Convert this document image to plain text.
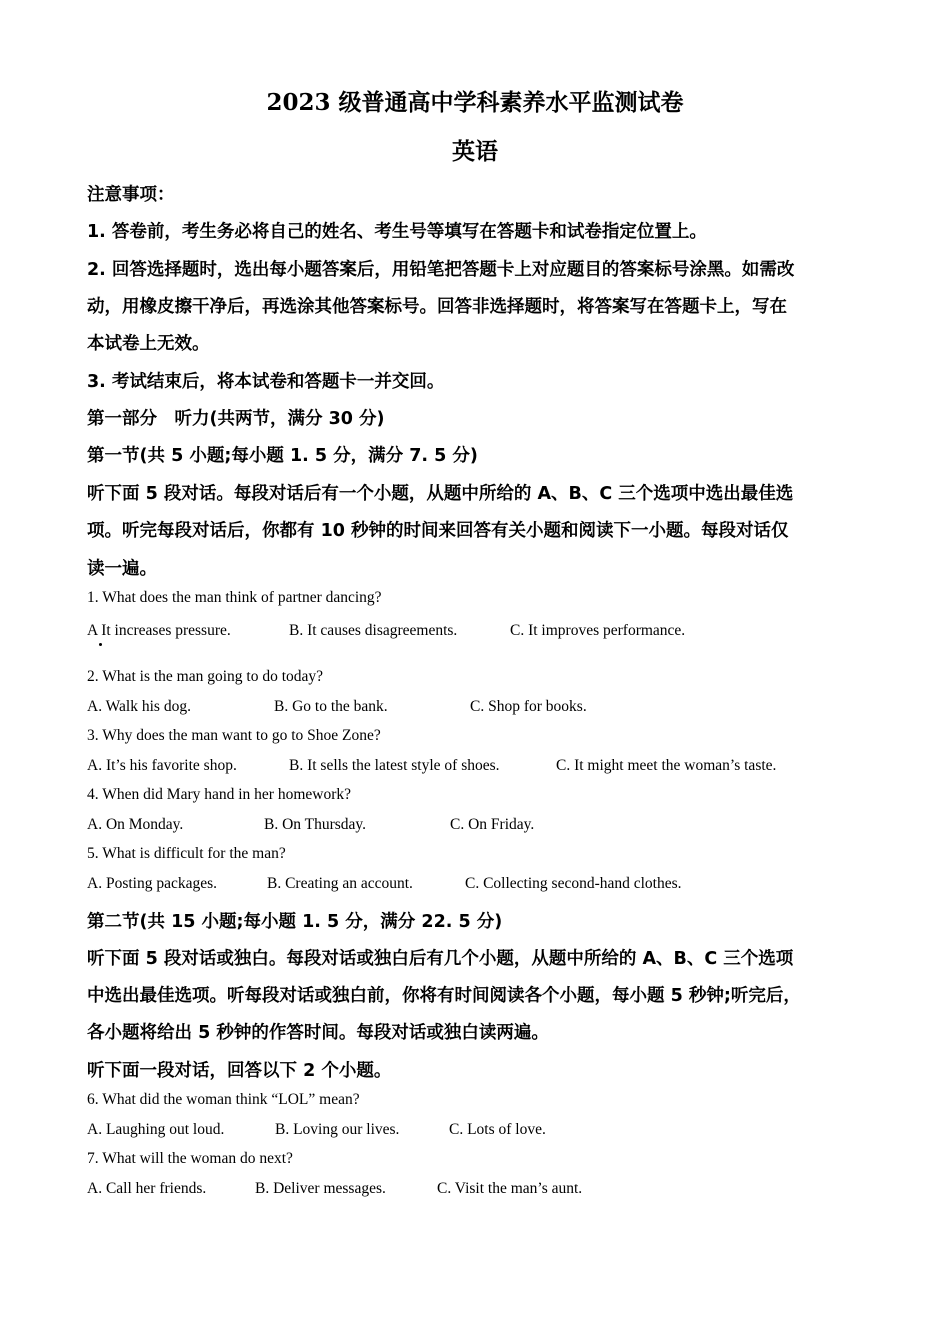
2023 级普通高中学科素养水平监测试卷
英语
注意事项：
1. 答卷前，考生务必将自己的姓名、考生号等填写在答题卡和试卷指定位置上。
2. 回答选择题时，选出每小题答案后，用铅笔把答题卡上对应题目的答案标号涂黑。如需改
动，用橡皮擦干净后，再选涂其他答案标号。回答非选择题时，将答案写在答题卡上，写在
本试卷上无效。
3. 考试结束后，将本试卷和答题卡一并交回。
第一部分　听力(共两节，满分 30 分)
第一节(共 5 小题;每小题 1. 5 分，满分 7. 5 分)
听下面 5 段对话。每段对话后有一个小题，从题中所给的 A、B、C 三个选项中选出最佳选
项。听完每段对话后，你都有 10 秒钟的时间来回答有关小题和阅读下一小题。每段对话仅
读一遍。
1. What does the man think of partner dancing?
A It increases pressure.	B. It causes disagreements.	C. It improves performance.
2. What is the man going to do today?
A. Walk his dog.	B. Go to the bank.	C. Shop for books.
3. Why does the man want to go to Shoe Zone?
A. It’s his favorite shop.	B. It sells the latest style of shoes.	C. It might meet the woman’s taste.
4. When did Mary hand in her homework?
A. On Monday.	B. On Thursday.	C. On Friday.
5. What is difficult for the man?
A. Posting packages.	B. Creating an account.	C. Collecting second-hand clothes.
第二节(共 15 小题;每小题 1. 5 分，满分 22. 5 分)
听下面 5 段对话或独白。每段对话或独白后有几个小题，从题中所给的 A、B、C 三个选项
中选出最佳选项。听每段对话或独白前，你将有时间阅读各个小题，每小题 5 秒钟;听完后，
各小题将给出 5 秒钟的作答时间。每段对话或独白读两遍。
听下面一段对话，回答以下 2 个小题。
6. What did the woman think “LOL” mean?
A. Laughing out loud.	B. Loving our lives.	C. Lots of love.
7. What will the woman do next?
A. Call her friends.	B. Deliver messages.	C. Visit the man’s aunt.
